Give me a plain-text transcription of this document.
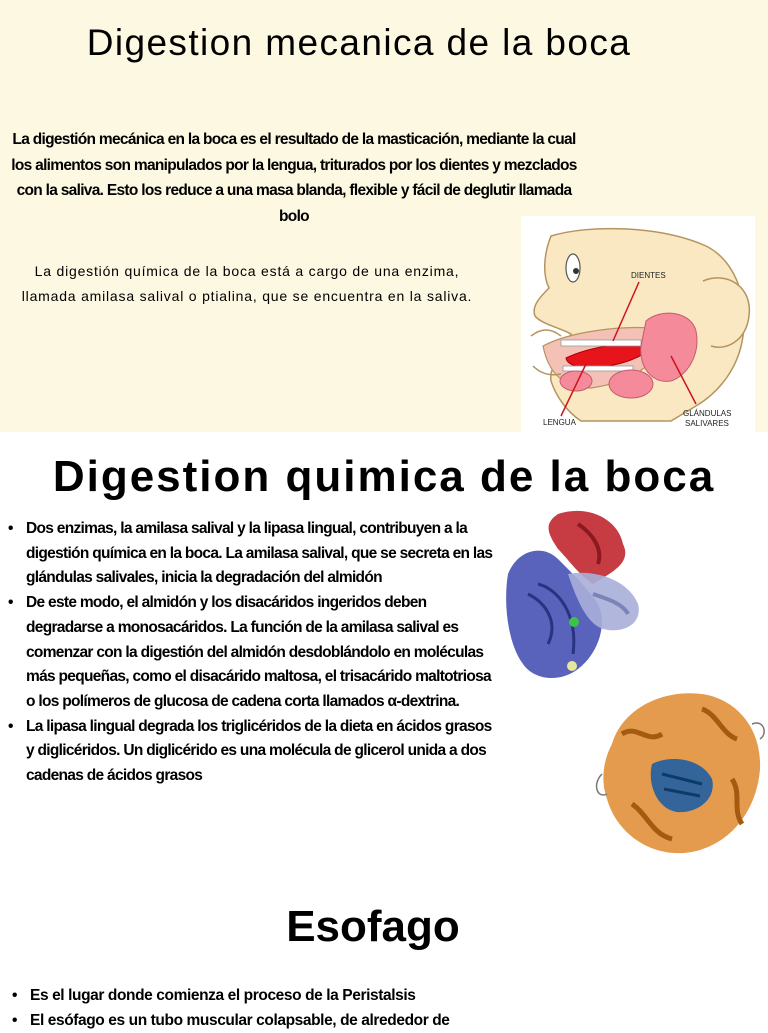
Digestion mecanica de la boca
La digestión mecánica en la boca es el resultado de la masticación, mediante la cual los alimentos son manipulados por la lengua, triturados por los dientes y mezclados con la saliva. Esto los reduce a una masa blanda, flexible y fácil de deglutir llamada bolo
La digestión química de la boca está a cargo de una enzima, llamada amilasa salival o ptialina, que se encuentra en la saliva.
DIENTES
LENGUA
GLÁNDULAS
SALIVARES
Digestion quimica de la boca
• Dos enzimas, la amilasa salival y la lipasa lingual, contribuyen a la digestión química en la boca. La amilasa salival, que se secreta en las glándulas salivales, inicia la degradación del almidón
• De este modo, el almidón y los disacáridos ingeridos deben degradarse a monosacáridos. La función de la amilasa salival es comenzar con la digestión del almidón desdoblándolo en moléculas más pequeñas, como el disacárido maltosa, el trisacárido maltotriosa o los polímeros de glucosa de cadena corta llamados α-dextrina.
• La lipasa lingual degrada los triglicéridos de la dieta en ácidos grasos y diglicéridos. Un diglicérido es una molécula de glicerol unida a dos cadenas de ácidos grasos
Esofago
• Es el lugar donde comienza el proceso de la Peristalsis
• El esófago es un tubo muscular colapsable, de alrededor de
